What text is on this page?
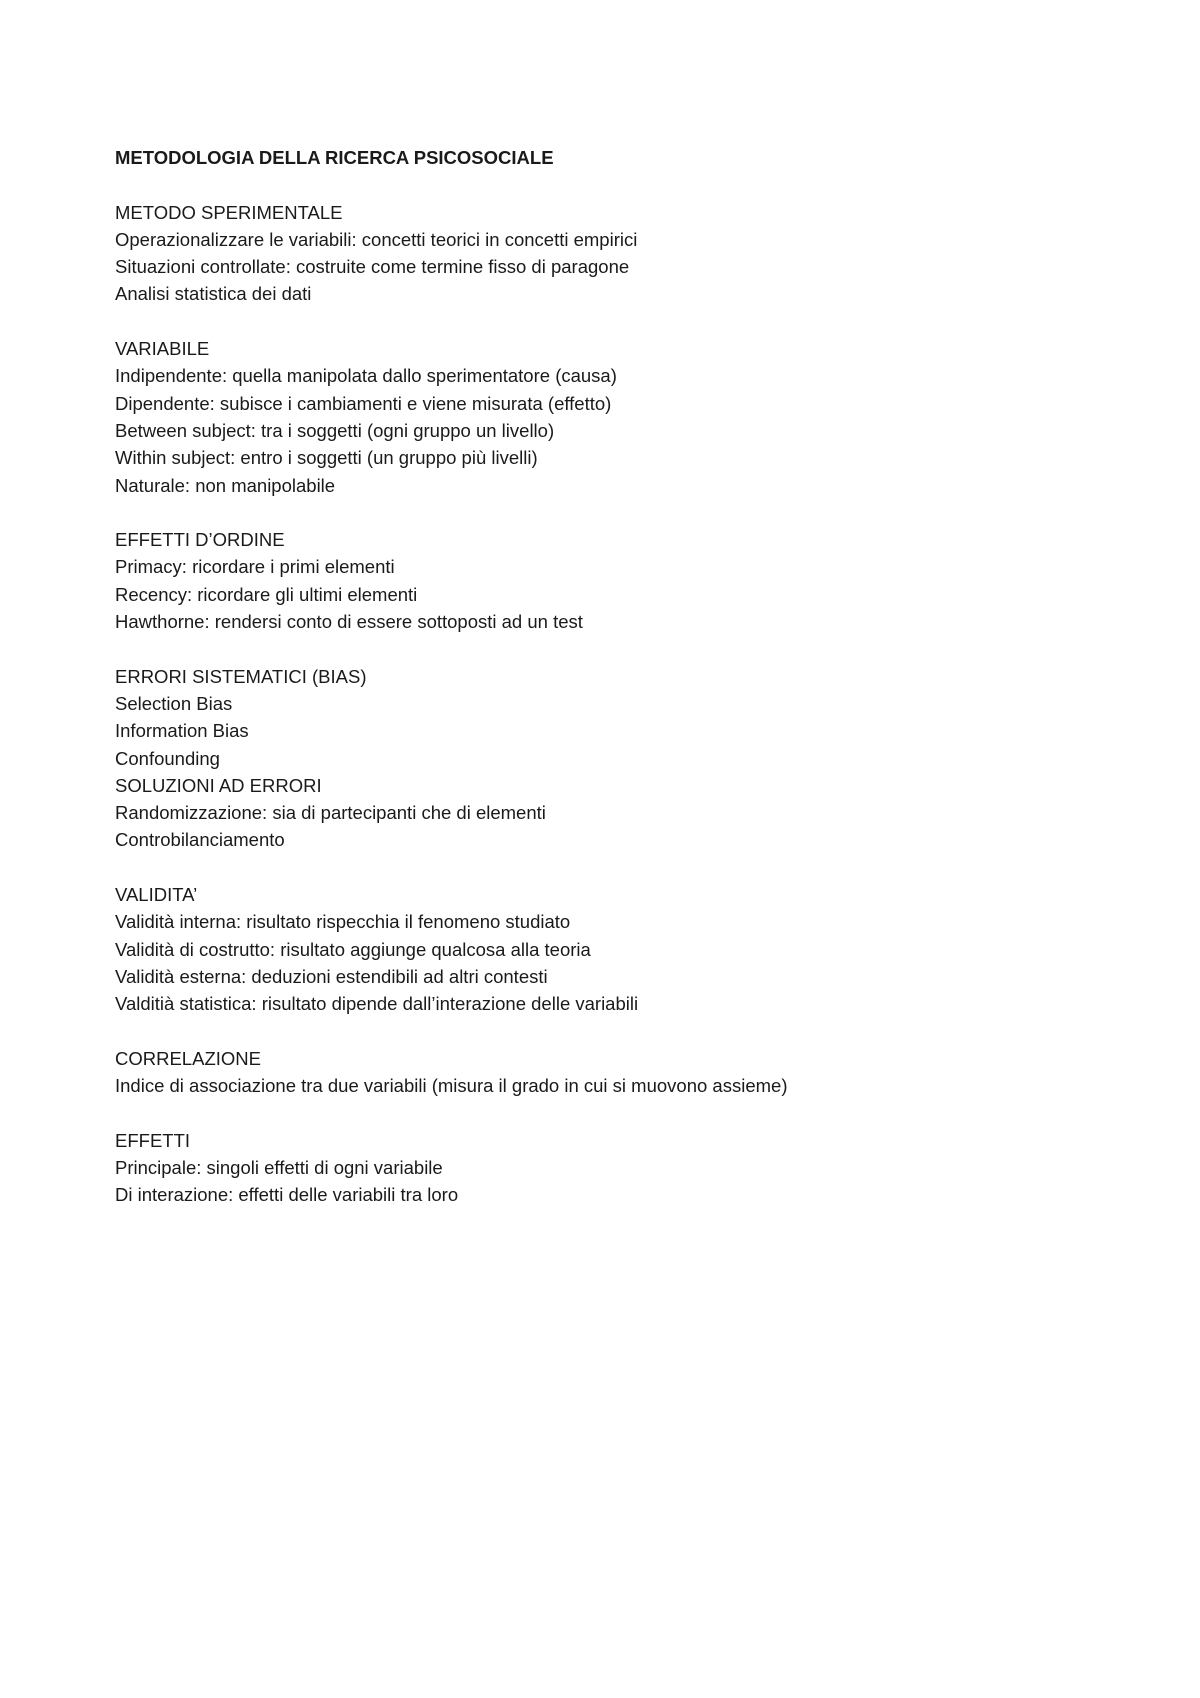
METODOLOGIA DELLA RICERCA PSICOSOCIALE
METODO SPERIMENTALE
Operazionalizzare le variabili: concetti teorici in concetti empirici
Situazioni controllate: costruite come termine fisso di paragone
Analisi statistica dei dati
VARIABILE
Indipendente: quella manipolata dallo sperimentatore (causa)
Dipendente: subisce i cambiamenti e viene misurata (effetto)
Between subject: tra i soggetti (ogni gruppo un livello)
Within subject: entro i soggetti (un gruppo più livelli)
Naturale: non manipolabile
EFFETTI D’ORDINE
Primacy: ricordare i primi elementi
Recency: ricordare gli ultimi elementi
Hawthorne: rendersi conto di essere sottoposti ad un test
ERRORI SISTEMATICI (BIAS)
Selection Bias
Information Bias
Confounding
SOLUZIONI AD ERRORI
Randomizzazione: sia di partecipanti che di elementi
Controbilanciamento
VALIDITA’
Validità interna: risultato rispecchia il fenomeno studiato
Validità di costrutto: risultato aggiunge qualcosa alla teoria
Validità esterna: deduzioni estendibili ad altri contesti
Valditià statistica: risultato dipende dall’interazione delle variabili
CORRELAZIONE
Indice di associazione tra due variabili (misura il grado in cui si muovono assieme)
EFFETTI
Principale: singoli effetti di ogni variabile
Di interazione: effetti delle variabili tra loro
